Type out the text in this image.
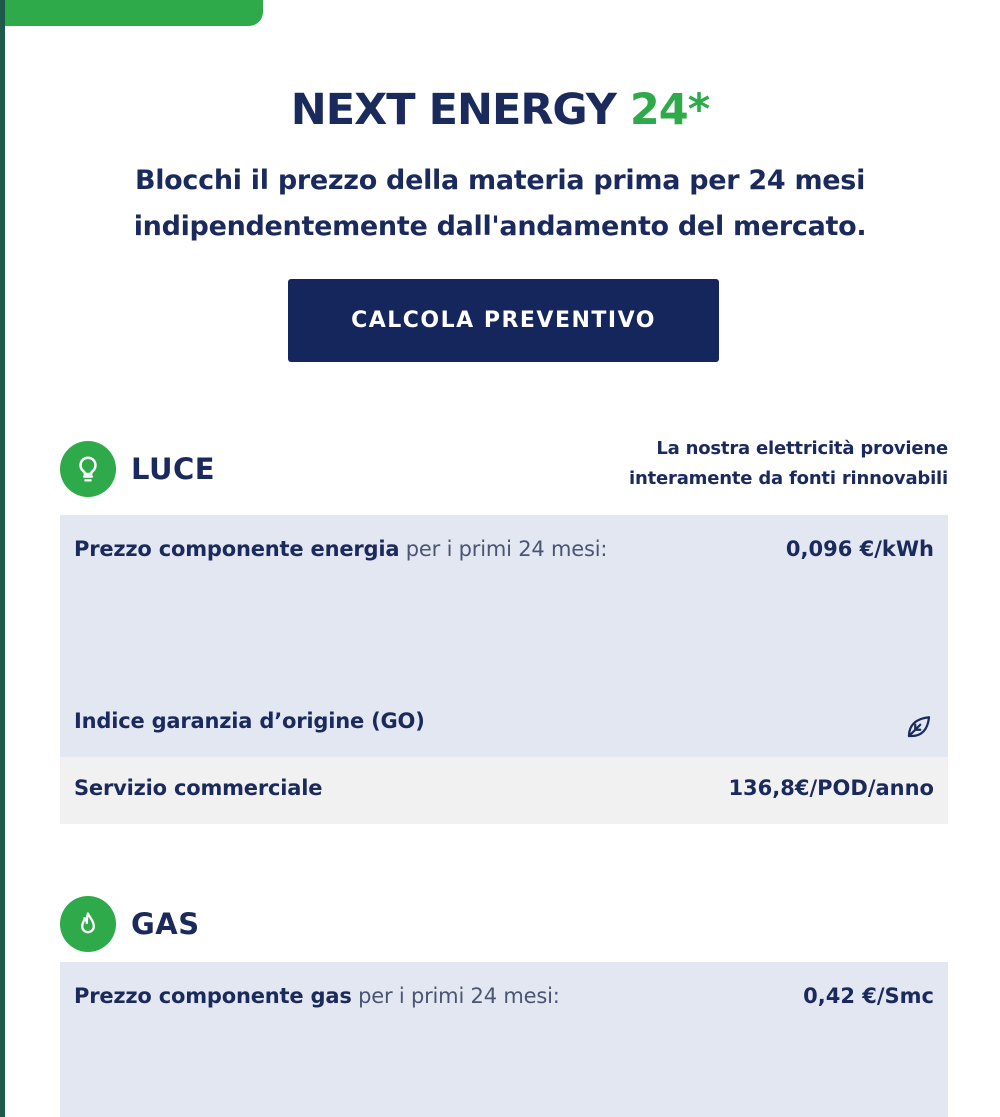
NEXT ENERGY 24*
Blocchi il prezzo della materia prima per 24 mesi
indipendentemente dall'andamento del mercato.
CALCOLA PREVENTIVO
LUCE
La nostra elettricità proviene
interamente da fonti rinnovabili
Prezzo componente energia per i primi 24 mesi:	0,096 €/kWh
Indice garanzia d’origine (GO)
Servizio commerciale	136,8€/POD/anno
GAS
Prezzo componente gas per i primi 24 mesi:	0,42 €/Smc
